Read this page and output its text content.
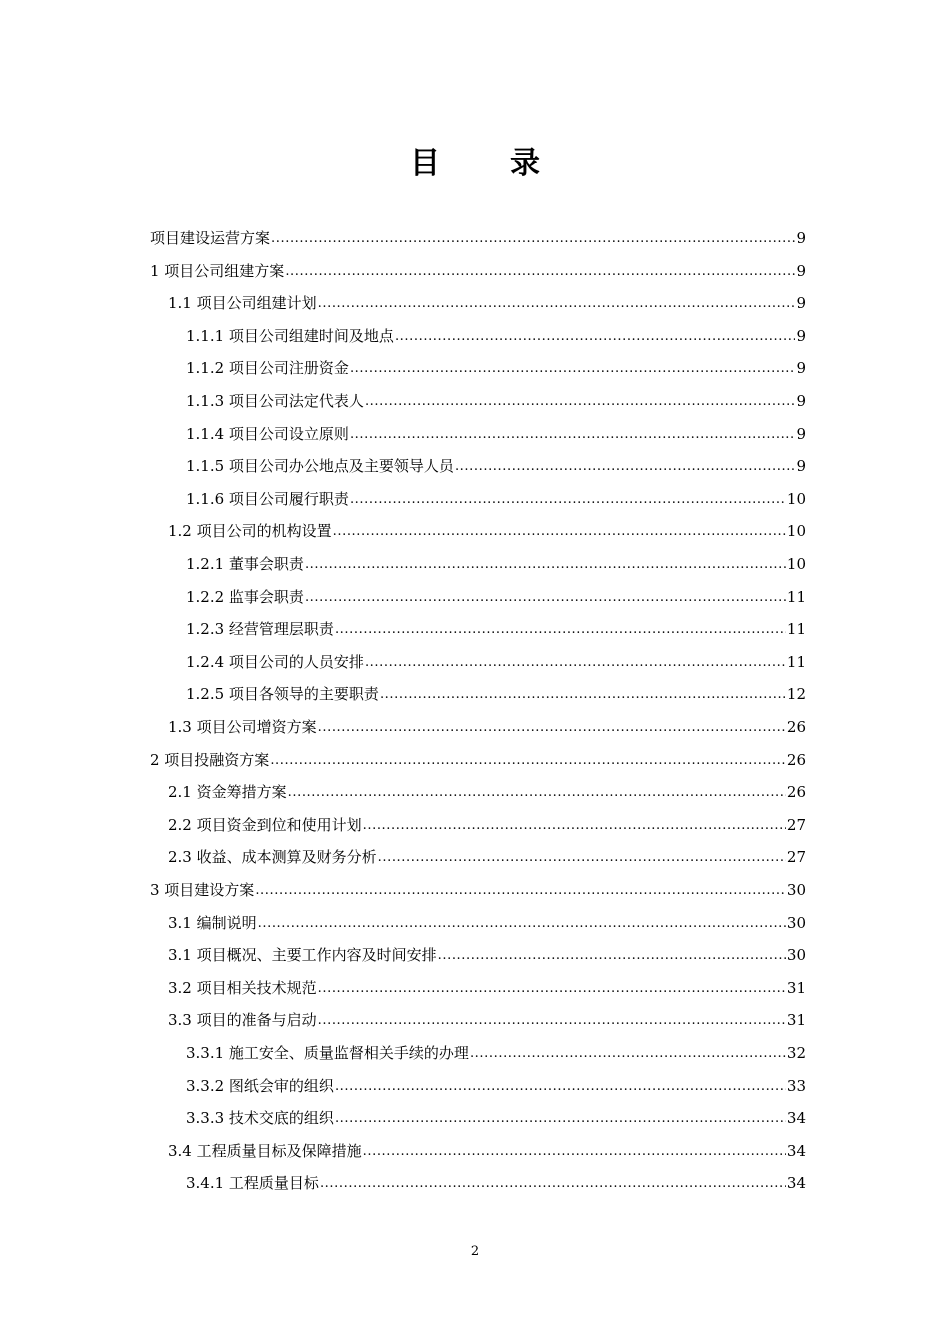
目　录
项目建设运营方案 .....	9
1 项目公司组建方案 .....	9
1.1 项目公司组建计划 .....	9
1.1.1 项目公司组建时间及地点 .....	9
1.1.2 项目公司注册资金 .....	9
1.1.3 项目公司法定代表人 .....	9
1.1.4 项目公司设立原则 .....	9
1.1.5 项目公司办公地点及主要领导人员 .....	9
1.1.6 项目公司履行职责 .....	10
1.2 项目公司的机构设置 .....	10
1.2.1 董事会职责 .....	10
1.2.2 监事会职责 .....	11
1.2.3 经营管理层职责 .....	11
1.2.4 项目公司的人员安排 .....	11
1.2.5 项目各领导的主要职责 .....	12
1.3 项目公司增资方案 .....	26
2 项目投融资方案 .....	26
2.1 资金筹措方案 .....	26
2.2 项目资金到位和使用计划 .....	27
2.3 收益、成本测算及财务分析 .....	27
3 项目建设方案 .....	30
3.1 编制说明 .....	30
3.1 项目概况、主要工作内容及时间安排 .....	30
3.2 项目相关技术规范 .....	31
3.3 项目的准备与启动 .....	31
3.3.1 施工安全、质量监督相关手续的办理 .....	32
3.3.2 图纸会审的组织 .....	33
3.3.3 技术交底的组织 .....	34
3.4 工程质量目标及保障措施 .....	34
3.4.1 工程质量目标 .....	34
2
